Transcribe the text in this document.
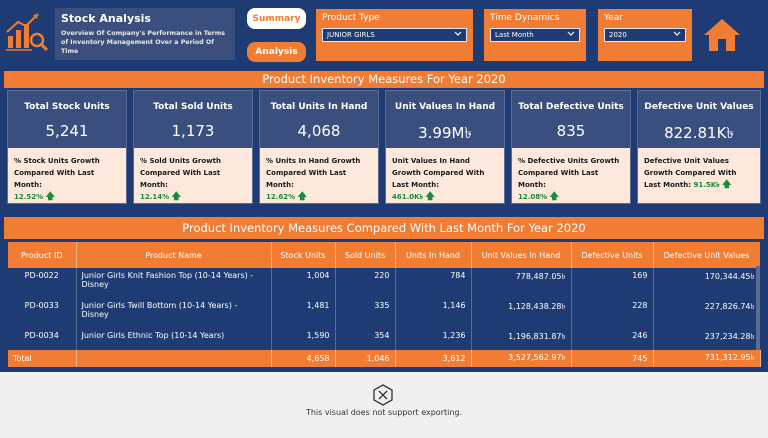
Stock Analysis
Overview Of Company's Performance in Terms of Inventory Management Over a Period Of Time
Summary
Analysis
Product Type
JUNIOR GIRLS
Time Dynamics
Last Month
Year
2020
Product Inventory Measures For Year 2020
Total Stock Units
5,241
% Stock Units Growth Compared With Last Month:
12.52% 🡅
Total Sold Units
1,173
% Sold Units Growth Compared With Last Month:
12.14% 🡅
Total Units In Hand
4,068
% Units In Hand Growth Compared With Last Month:
12.62% 🡅
Unit Values In Hand
3.99M৳
Unit Values In Hand Growth Compared With Last Month:
461.0K৳ 🡅
Total Defective Units
835
% Defective Units Growth Compared With Last Month:
12.08% 🡅
Defective Unit Values
822.81K৳
Defective Unit Values Growth Compared With Last Month: 91.5K৳ 🡅
Product Inventory Measures Compared With Last Month For Year 2020
Product ID	Product Name	Stock Units	Sold Units	Units In Hand	Unit Values In Hand	Defective Units	Defective Unit Values
PD-0022	Junior Girls Knit Fashion Top (10-14 Years) - Disney	1,004	220	784	778,487.05৳	169	170,344.45৳
PD-0033	Junior Girls Twill Bottom (10-14 Years) - Disney	1,481	335	1,146	1,128,438.28৳	228	227,826.74৳
PD-0034	Junior Girls Ethnic Top (10-14 Years)	1,590	354	1,236	1,196,831.87৳	246	237,234.28৳
Total		4,658	1,046	3,612	3,527,562.97৳	745	731,312.95৳
This visual does not support exporting.
